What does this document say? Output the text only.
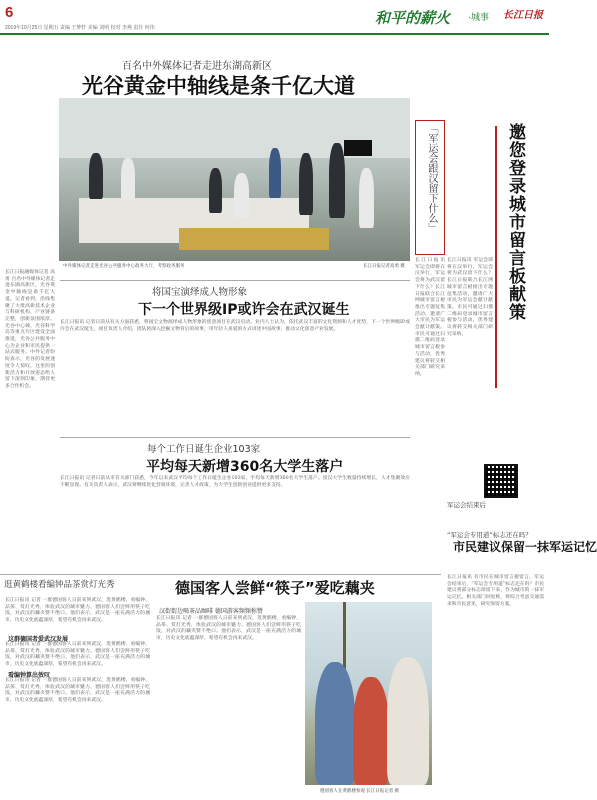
6
2019年10月25日 星期五 责编 王梦轩 美编 刘明 校对 李燕 责任 何伟
和平的薪火 ·城事 长江日报
百名中外媒体记者走进东湖高新区
光谷黄金中轴线是条千亿大道
中外媒体记者走进光谷公共服务中心政务大厅，考察政务服务	长江日报记者高勇 摄
长江日报融媒体记者 高勇 百名中外媒体记者走进东湖高新区，光谷黄金中轴线是条千亿大道。记者看到，沿线集聚了大批高新技术企业与科研机构，产业链条完整，创新氛围浓厚。光谷中心城、光谷科学岛等重点片区建设全面推进，光谷公共服务中心为企业和市民提供一站式服务。中外记者纷纷表示，光谷的发展速度令人惊叹，这里的创新活力和开放姿态给人留下深刻印象，期待更多合作机会。
将国宝演绎成人物形象
下一个世界级IP或许会在武汉诞生
长江日报讯 记者日前从有关方面获悉，将国宝文物演绎成人物形象的创意项目在武汉启动。业内人士认为，依托武汉丰富的文化资源和人才优势，下一个世界级IP或许会在武汉诞生。项目负责人介绍，团队将深入挖掘文物背后的故事，用年轻人喜爱的方式讲述中国故事，推动文化创意产业发展。
每个工作日诞生企业103家
平均每天新增360名大学生落户
长江日报讯 记者日前从市有关部门获悉，今年以来武汉平均每个工作日诞生企业103家，平均每天新增360名大学生落户。留汉大学生数量持续增长，人才集聚效应不断显现。有关负责人表示，武汉将继续优化营商环境，完善人才政策，为大学生创新创业提供更多支持。
「军运会跟汉留下什么」	邀您登录城市留言板献策
长江日报讯 军运会即将在汉举行，军运会将为武汉留下什么？长江日报联合长江网城市留言板推出专题征集活动，邀请广大市民为军运会献计献策。市民可通过扫描二维码登录城市留言板参与活动，优秀建议将转交相关部门研究采纳。
长江日报讯 军运会即将在汉举行，军运会将为武汉留下什么？长江日报联合长江网城市留言板推出专题征集活动，邀请广大市民为军运会献计献策。市民可通过扫描二维码登录城市留言板参与活动，优秀建议将转交相关部门研究采纳。
军运会结束后
“军运会专用道”标志还在吗？
市民建议保留一抹军运记忆
长江日报讯 有市民在城市留言板留言，军运会结束后，“军运会专用道”标志还在吗？市民建议将部分标志保留下来，作为城市的一抹军运记忆。相关部门回复称，将综合考虑交通需求和市民意见，研究保留方案。
逛黄鹤楼看编钟品茶赏灯光秀	德国客人尝鲜“筷子”爱吃藕夹
汉街街边喝茶品咖啡 德国游客频频称赞
长江日报讯 记者 一群德国客人日前来到武汉，逛黄鹤楼、看编钟、品茶、赏灯光秀，体验武汉的城市魅力。德国客人们尝鲜用筷子吃饭，对武汉的藕夹赞不绝口。他们表示，武汉是一座充满活力的城市，历史文化底蕴深厚，希望有机会再来武汉。
这群德国者爱武汉发展
长江日报讯 记者 一群德国客人日前来到武汉，逛黄鹤楼、看编钟、品茶、赏灯光秀，体验武汉的城市魅力。德国客人们尝鲜用筷子吃饭，对武汉的藕夹赞不绝口。他们表示，武汉是一座充满活力的城市，历史文化底蕴深厚，希望有机会再来武汉。
看编钟算出效叹
长江日报讯 记者 一群德国客人日前来到武汉，逛黄鹤楼、看编钟、品茶、赏灯光秀，体验武汉的城市魅力。德国客人们尝鲜用筷子吃饭，对武汉的藕夹赞不绝口。他们表示，武汉是一座充满活力的城市，历史文化底蕴深厚，希望有机会再来武汉。
长江日报讯 记者 一群德国客人日前来到武汉，逛黄鹤楼、看编钟、品茶、赏灯光秀，体验武汉的城市魅力。德国客人们尝鲜用筷子吃饭，对武汉的藕夹赞不绝口。他们表示，武汉是一座充满活力的城市，历史文化底蕴深厚，希望有机会再来武汉。
德国客人在黄鹤楼参观 长江日报记者 摄
